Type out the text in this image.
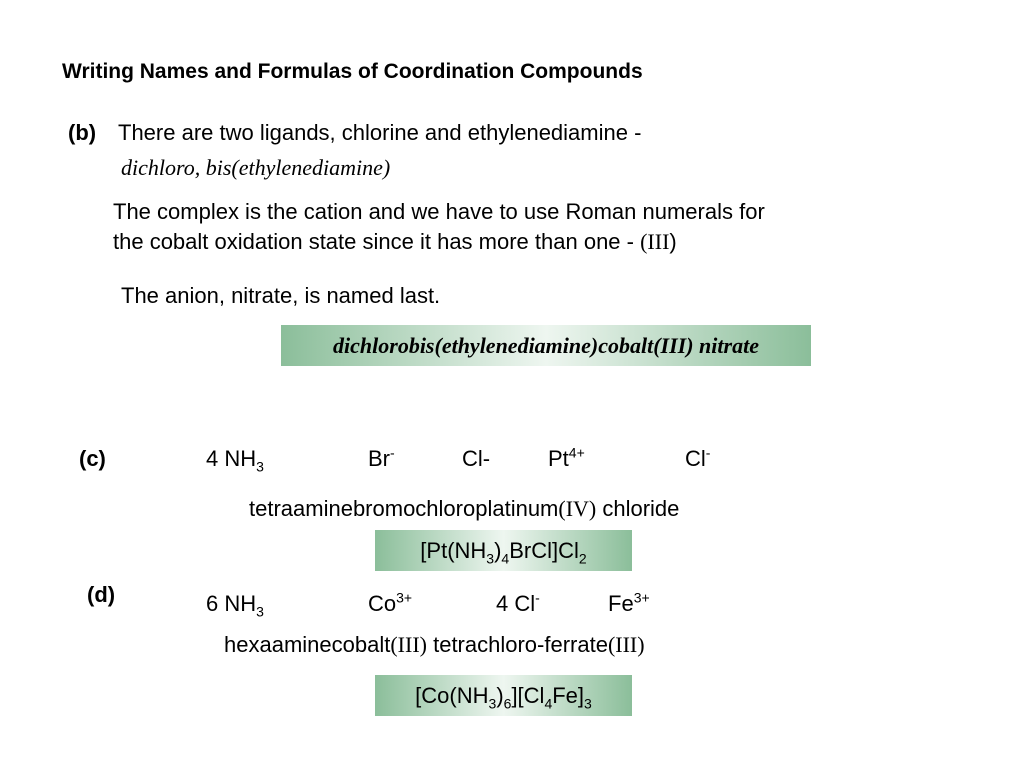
Writing Names and Formulas of Coordination Compounds
(b) There are two ligands, chlorine and ethylenediamine -
dichloro, bis(ethylenediamine)
The complex is the cation and we have to use Roman numerals for
the cobalt oxidation state since it has more than one - (III)
The anion, nitrate, is named last.
dichlorobis(ethylenediamine)cobalt(III) nitrate
(c)	4 $NH_3$	Br-	Cl-	$Pt^{4+}$	Cl-
tetraaminebromochloroplatinum(IV) chloride
$[Pt(NH_3)_4BrCl]Cl_2$
(d)	6 $NH_3$	$Co^{3+}$	4 Cl-	$Fe^{3+}$
hexaaminecobalt(III) tetrachloro-ferrate(III)
$[Co(NH_3)_6][Cl_4Fe]_3$
